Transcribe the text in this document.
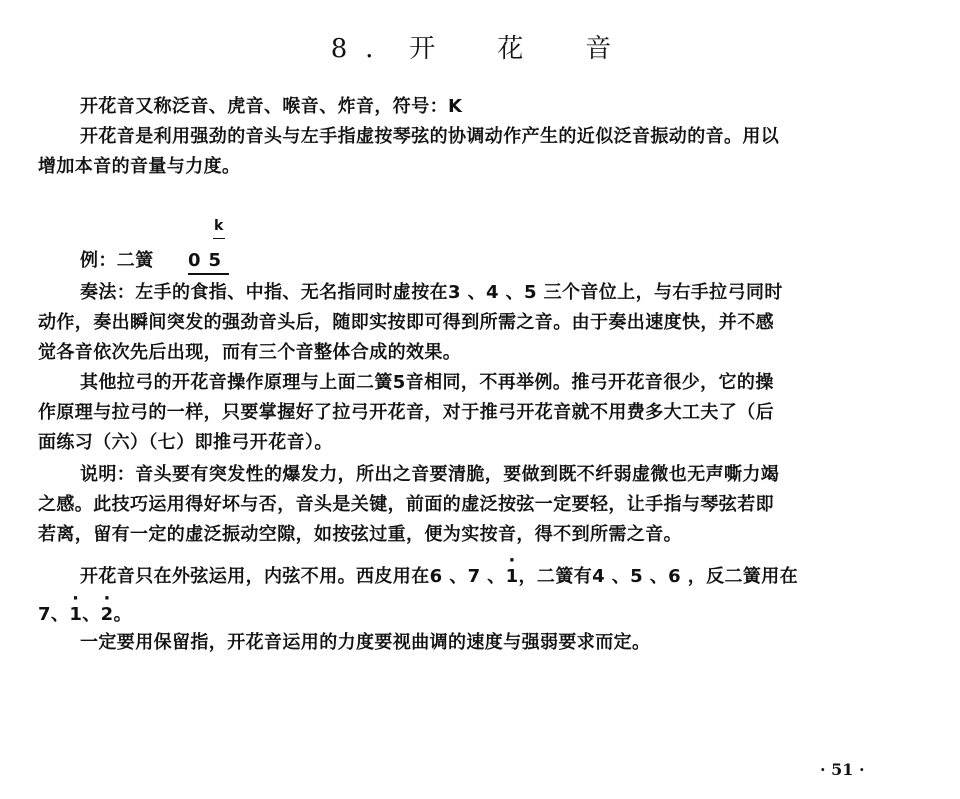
8．开　花　音
开花音又称泛音、虎音、喉音、炸音，符号：K
开花音是利用强劲的音头与左手指虚按琴弦的协调动作产生的近似泛音振动的音。用以
增加本音的音量与力度。
例：二簧
k
0 5
奏法：左手的食指、中指、无名指同时虚按在3 、4 、5 三个音位上，与右手拉弓同时
动作，奏出瞬间突发的强劲音头后，随即实按即可得到所需之音。由于奏出速度快，并不感
觉各音依次先后出现，而有三个音整体合成的效果。
其他拉弓的开花音操作原理与上面二簧5音相同，不再举例。推弓开花音很少，它的操
作原理与拉弓的一样，只要掌握好了拉弓开花音，对于推弓开花音就不用费多大工夫了（后
面练习（六）（七）即推弓开花音）。
说明：音头要有突发性的爆发力，所出之音要清脆，要做到既不纤弱虚微也无声嘶力竭
之感。此技巧运用得好坏与否，音头是关键，前面的虚泛按弦一定要轻，让手指与琴弦若即
若离，留有一定的虚泛振动空隙，如按弦过重，便为实按音，得不到所需之音。
开花音只在外弦运用，内弦不用。西皮用在6 、7 、· 1，二簧有4 、5 、6 ，反二簧用在
7、· 1、· 2。
一定要用保留指，开花音运用的力度要视曲调的速度与强弱要求而定。
· 51 ·
